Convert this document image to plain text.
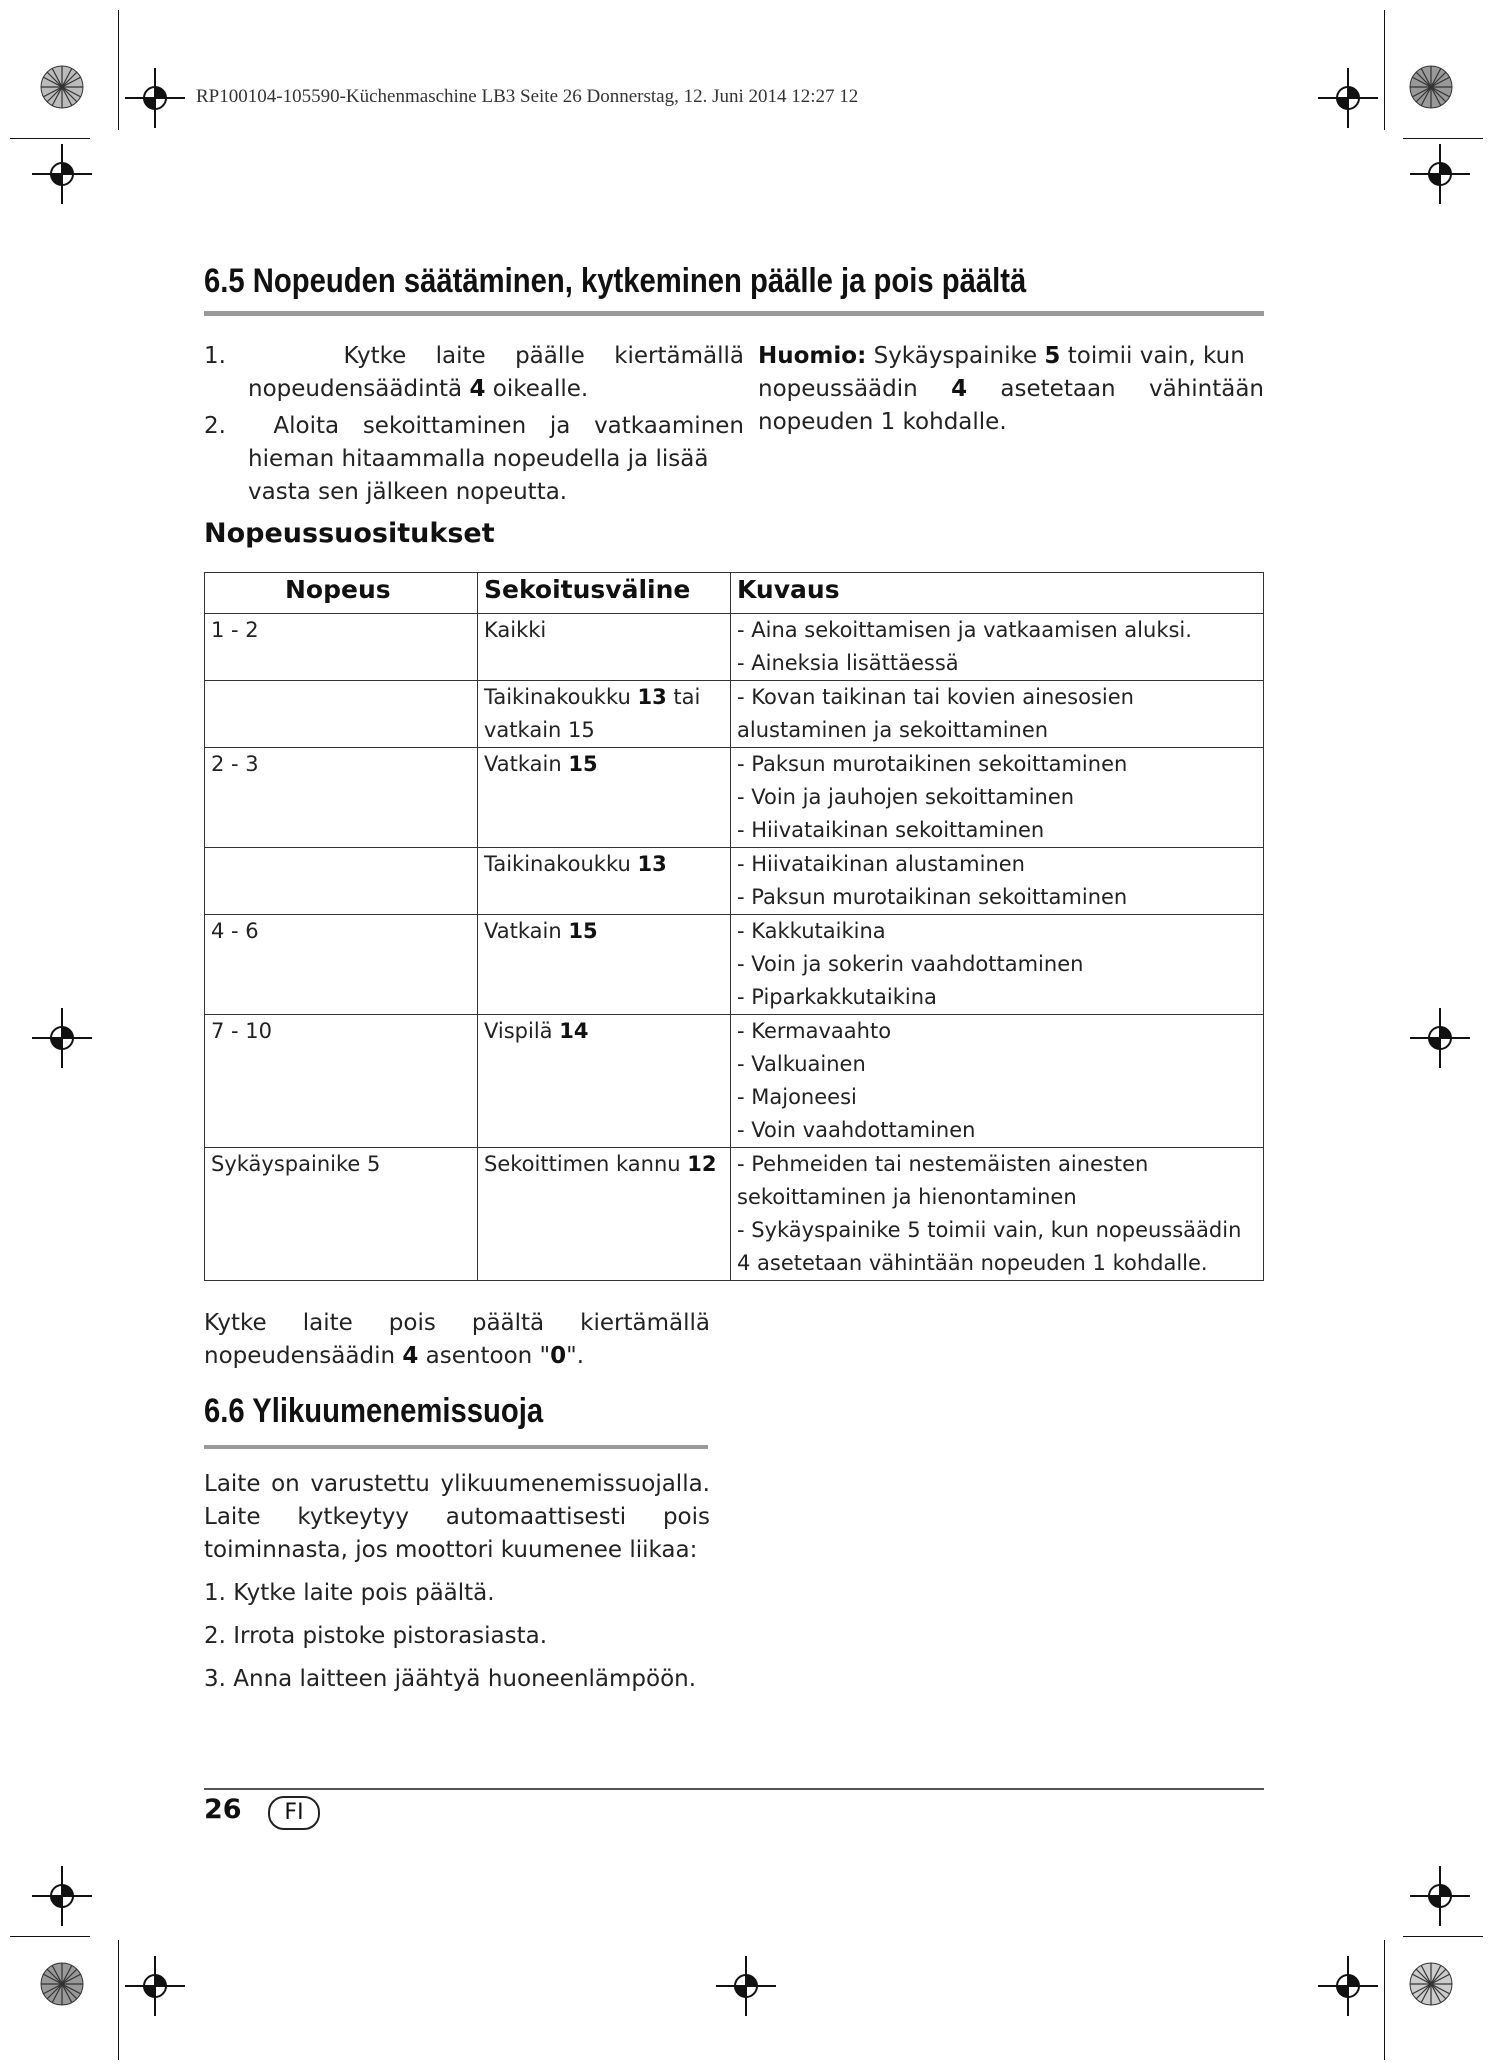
RP100104-105590-Küchenmaschine LB3 Seite 26 Donnerstag, 12. Juni 2014 12:27 12
6.5 Nopeuden säätäminen, kytkeminen päälle ja pois päältä

1.	Kytke laite päälle kiertämällä

nopeudensäädintä 4 oikealle.

2. Aloita sekoittaminen ja vatkaaminen

hieman hitaammalla nopeudella ja lisää

vasta sen jälkeen nopeutta.

Huomio: Sykäyspainike 5 toimii vain, kun

nopeussäädin 4 asetetaan vähintään

nopeuden 1 kohdalle.

Nopeussuositukset
Nopeus	Sekoitusväline	Kuvaus
1 - 2	Kaikki	- Aina sekoittamisen ja vatkaamisen aluksi.
- Aineksia lisättäessä

	Taikinakoukku 13 tai vatkain 15	- Kovan taikinan tai kovien ainesosien alustaminen ja sekoittaminen

2 - 3	Vatkain 15	- Paksun murotaikinen sekoittaminen
- Voin ja jauhojen sekoittaminen
- Hiivataikinan sekoittaminen

	Taikinakoukku 13	- Hiivataikinan alustaminen
- Paksun murotaikinan sekoittaminen

4 - 6	Vatkain 15	- Kakkutaikina
- Voin ja sokerin vaahdottaminen
- Piparkakkutaikina

7 - 10	Vispilä 14	- Kermavaahto
- Valkuainen
- Majoneesi
- Voin vaahdottaminen

Sykäyspainike 5	Sekoittimen kannu 12	- Pehmeiden tai nestemäisten ainesten sekoittaminen ja hienontaminen
- Sykäyspainike 5 toimii vain, kun nopeussäädin 4 asetetaan vähintään nopeuden 1 kohdalle.

Kytke laite pois päältä kiertämällä

nopeudensäädin 4 asentoon "0".

6.6 Ylikuumenemissuoja

Laite on varustettu ylikuumenemissuojalla.

Laite kytkeytyy automaattisesti pois

toiminnasta, jos moottori kuumenee liikaa:

1. Kytke laite pois päältä.

2. Irrota pistoke pistorasiasta.

3. Anna laitteen jäähtyä huoneenlämpöön.

26	FI
